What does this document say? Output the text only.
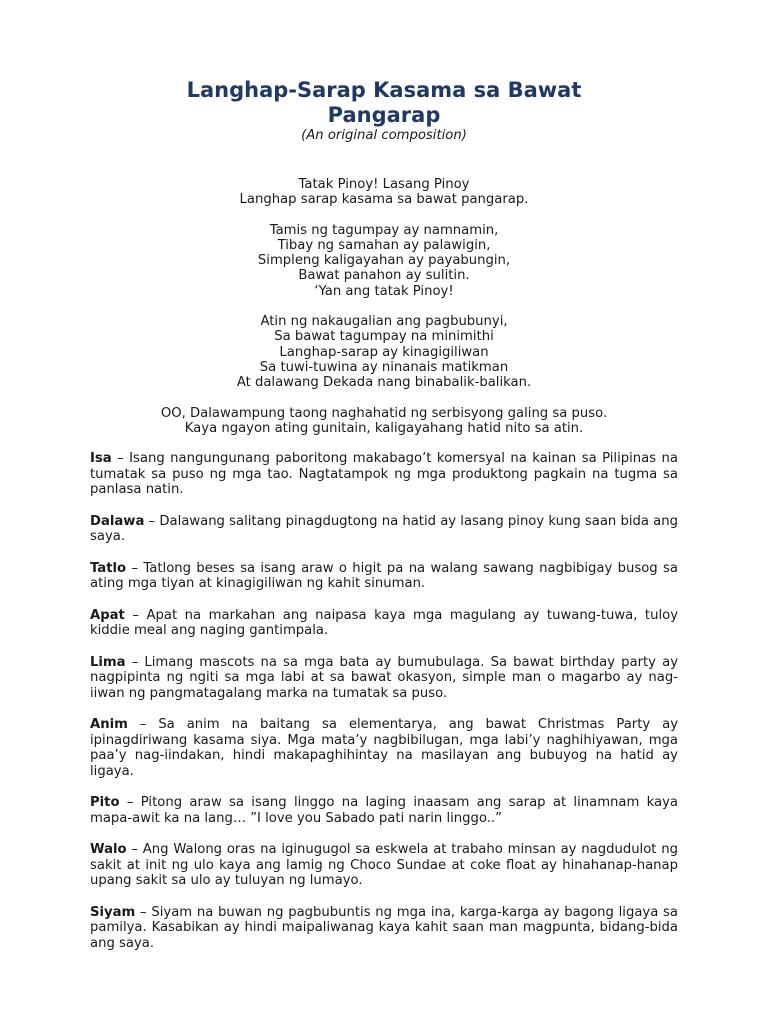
Langhap-Sarap Kasama sa Bawat
Pangarap

(An original composition)

Tatak Pinoy! Lasang Pinoy
Langhap sarap kasama sa bawat pangarap.
Tamis ng tagumpay ay namnamin,
Tibay ng samahan ay palawigin,
Simpleng kaligayahan ay payabungin,
Bawat panahon ay sulitin.
‘Yan ang tatak Pinoy!
Atin ng nakaugalian ang pagbubunyi,
Sa bawat tagumpay na minimithi
Langhap-sarap ay kinagigiliwan
Sa tuwi-tuwina ay ninanais matikman
At dalawang Dekada nang binabalik-balikan.
OO, Dalawampung taong naghahatid ng serbisyong galing sa puso.
Kaya ngayon ating gunitain, kaligayahang hatid nito sa atin.

Isa – Isang nangungunang paboritong makabago’t komersyal na kainan sa Pilipinas na tumatak sa puso ng mga tao. Nagtatampok ng mga produktong pagkain na tugma sa panlasa natin.

Dalawa – Dalawang salitang pinagdugtong na hatid ay lasang pinoy kung saan bida ang saya.

Tatlo – Tatlong beses sa isang araw o higit pa na walang sawang nagbibigay busog sa ating mga tiyan at kinagigiliwan ng kahit sinuman.

Apat – Apat na markahan ang naipasa kaya mga magulang ay tuwang-tuwa, tuloy kiddie meal ang naging gantimpala.

Lima – Limang mascots na sa mga bata ay bumubulaga. Sa bawat birthday party ay nagpipinta ng ngiti sa mga labi at sa bawat okasyon, simple man o magarbo ay nag-iiwan ng pangmatagalang marka na tumatak sa puso.

Anim – Sa anim na baitang sa elementarya, ang bawat Christmas Party ay ipinagdiriwang kasama siya. Mga mata’y nagbibilugan, mga labi’y naghihiyawan, mga paa’y nag-iindakan, hindi makapaghihintay na masilayan ang bubuyog na hatid ay ligaya.

Pito – Pitong araw sa isang linggo na laging inaasam ang sarap at linamnam kaya mapa-awit ka na lang… ”I love you Sabado pati narin linggo..”

Walo – Ang Walong oras na iginugugol sa eskwela at trabaho minsan ay nagdudulot ng sakit at init ng ulo kaya ang lamig ng Choco Sundae at coke float ay hinahanap-hanap upang sakit sa ulo ay tuluyan ng lumayo.

Siyam – Siyam na buwan ng pagbubuntis ng mga ina, karga-karga ay bagong ligaya sa pamilya. Kasabikan ay hindi maipaliwanag kaya kahit saan man magpunta, bidang-bida ang saya.
